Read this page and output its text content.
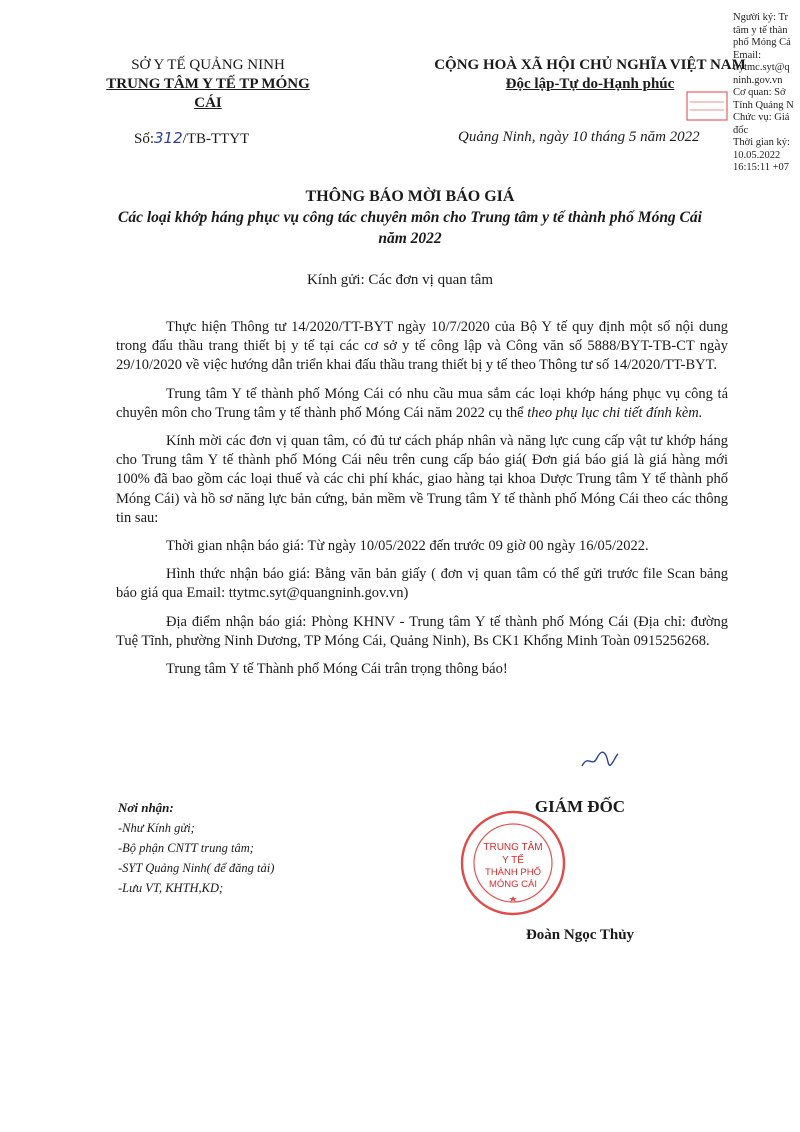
Người ký: Tr
tâm y tế thàn
phố Móng Cá
Email:
ttytmc.syt@q
ninh.gov.vn
Cơ quan: Sở
Tỉnh Quảng N
Chức vụ: Giá
đốc
Thời gian ký:
10.05.2022
16:15:11 +07
SỞ Y TẾ QUẢNG NINH
TRUNG TÂM Y TẾ TP MÓNG CÁI
CỘNG HOÀ XÃ HỘI CHỦ NGHĨA VIỆT NAM
Độc lập-Tự do-Hạnh phúc
Số:312/TB-TTYT	Quảng Ninh, ngày 10 tháng 5 năm 2022
THÔNG BÁO MỜI BÁO GIÁ
Các loại khớp háng phục vụ công tác chuyên môn cho Trung tâm y tế thành phố Móng Cái năm 2022
Kính gửi: Các đơn vị quan tâm

Thực hiện Thông tư 14/2020/TT-BYT ngày 10/7/2020 của Bộ Y tế quy định một số nội dung trong đấu thầu trang thiết bị y tế tại các cơ sở y tế công lập và Công văn số 5888/BYT-TB-CT ngày 29/10/2020 về việc hướng dẫn triển khai đấu thầu trang thiết bị y tế theo Thông tư số 14/2020/TT-BYT.

Trung tâm Y tế thành phố Móng Cái có nhu cầu mua sắm các loại khớp háng phục vụ công tá chuyên môn cho Trung tâm y tế thành phố Móng Cái năm 2022 cụ thể theo phụ lục chi tiết đính kèm.

Kính mời các đơn vị quan tâm, có đủ tư cách pháp nhân và năng lực cung cấp vật tư khớp háng cho Trung tâm Y tế thành phố Móng Cái nêu trên cung cấp báo giá( Đơn giá báo giá là giá hàng mới 100% đã bao gồm các loại thuế và các chi phí khác, giao hàng tại khoa Dược Trung tâm Y tế thành phố Móng Cái) và hồ sơ năng lực bản cứng, bản mềm về Trung tâm Y tế thành phố Móng Cái theo các thông tin sau:

Thời gian nhận báo giá: Từ ngày 10/05/2022 đến trước 09 giờ 00 ngày 16/05/2022.

Hình thức nhận báo giá: Bằng văn bản giấy ( đơn vị quan tâm có thể gửi trước file Scan bảng báo giá qua Email: ttytmc.syt@quangninh.gov.vn)

Địa điểm nhận báo giá: Phòng KHNV - Trung tâm Y tế thành phố Móng Cái (Địa chỉ: đường Tuệ Tĩnh, phường Ninh Dương, TP Móng Cái, Quảng Ninh), Bs CK1 Khổng Minh Toàn 0915256268.

Trung tâm Y tế Thành phố Móng Cái trân trọng thông báo!

Nơi nhận:
-Như Kính gửi;
-Bộ phận CNTT trung tâm;
-SYT Quảng Ninh( để đăng tải)
-Lưu VT, KHTH,KD;
TRUNG TÂM
Y TẾ
THÀNH PHỐ
MÓNG CÁI
GIÁM ĐỐC
Đoàn Ngọc Thủy
